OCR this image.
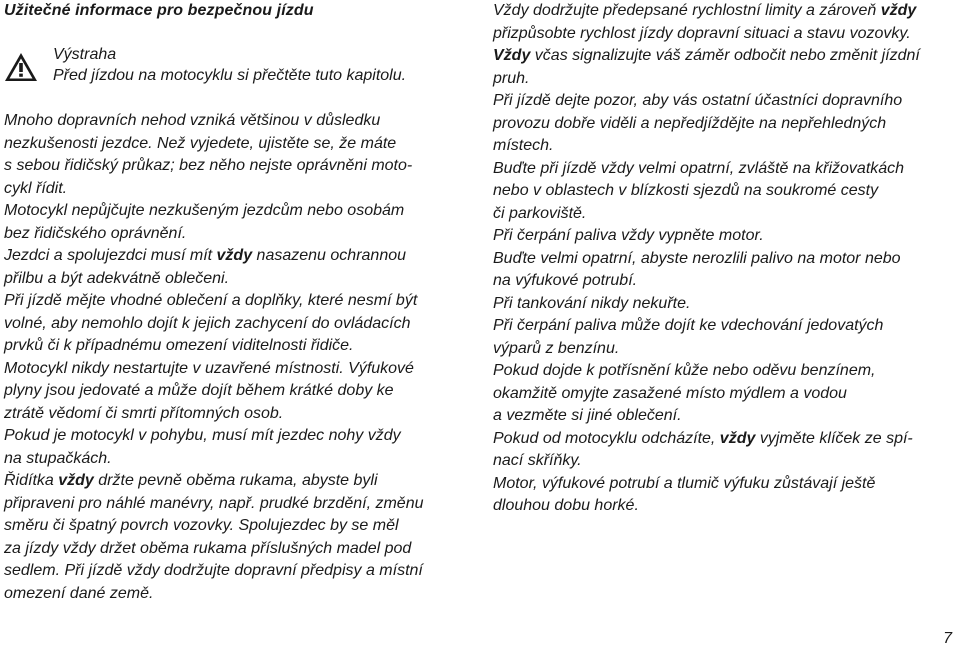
Užitečné informace pro bezpečnou jízdu
Výstraha
Před jízdou na motocyklu si přečtěte tuto kapitolu.
Mnoho dopravních nehod vzniká většinou v důsledku
nezkušenosti jezdce. Než vyjedete, ujistěte se, že máte
s sebou řidičský průkaz; bez něho nejste oprávněni moto-
cykl řídit.
Motocykl nepůjčujte nezkušeným jezdcům nebo osobám
bez řidičského oprávnění.
Jezdci a spolujezdci musí mít vždy nasazenu ochrannou
přilbu a být adekvátně oblečeni.
Při jízdě mějte vhodné oblečení a doplňky, které nesmí být
volné, aby nemohlo dojít k jejich zachycení do ovládacích
prvků či k případnému omezení viditelnosti řidiče.
Motocykl nikdy nestartujte v uzavřené místnosti. Výfukové
plyny jsou jedovaté a může dojít během krátké doby ke
ztrátě vědomí či smrti přítomných osob.
Pokud je motocykl v pohybu, musí mít jezdec nohy vždy
na stupačkách.
Řidítka vždy držte pevně oběma rukama, abyste byli
připraveni pro náhlé manévry, např. prudké brzdění, změnu
směru či špatný povrch vozovky. Spolujezdec by se měl
za jízdy vždy držet oběma rukama příslušných madel pod
sedlem. Při jízdě vždy dodržujte dopravní předpisy a místní
omezení dané země.
Vždy dodržujte předepsané rychlostní limity a zároveň vždy
přizpůsobte rychlost jízdy dopravní situaci a stavu vozovky.
Vždy včas signalizujte váš záměr odbočit nebo změnit jízdní
pruh.
Při jízdě dejte pozor, aby vás ostatní účastníci dopravního
provozu dobře viděli a nepředjíždějte na nepřehledných
místech.
Buďte při jízdě vždy velmi opatrní, zvláště na křižovatkách
nebo v oblastech v blízkosti sjezdů na soukromé cesty
či parkoviště.
Při čerpání paliva vždy vypněte motor.
Buďte velmi opatrní, abyste nerozlili palivo na motor nebo
na výfukové potrubí.
Při tankování nikdy nekuřte.
Při čerpání paliva může dojít ke vdechování jedovatých
výparů z benzínu.
Pokud dojde k potřísnění kůže nebo oděvu benzínem,
okamžitě omyjte zasažené místo mýdlem a vodou
a vezměte si jiné oblečení.
Pokud od motocyklu odcházíte, vždy vyjměte klíček ze spí-
nací skříňky.
Motor, výfukové potrubí a tlumič výfuku zůstávají ještě
dlouhou dobu horké.
7
